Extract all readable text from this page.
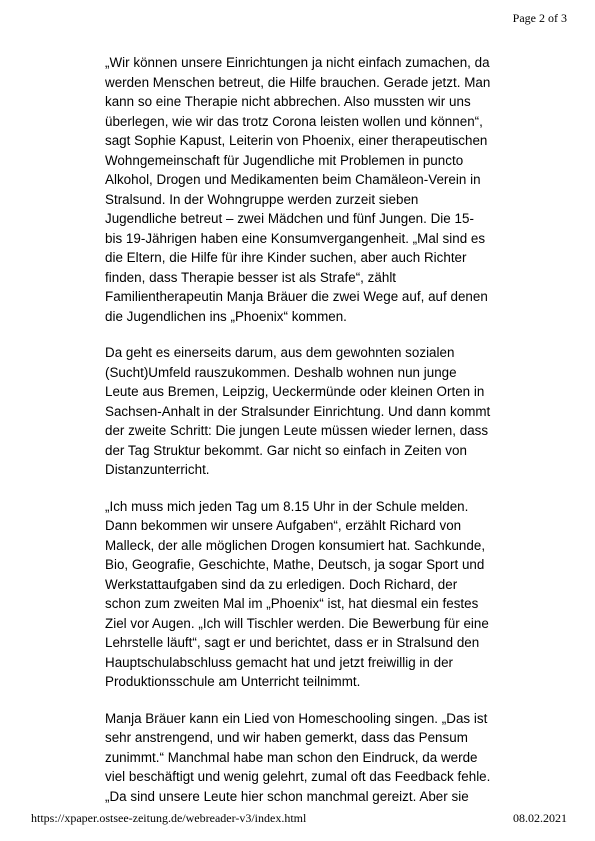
Page 2 of 3
„Wir können unsere Einrichtungen ja nicht einfach zumachen, da
werden Menschen betreut, die Hilfe brauchen. Gerade jetzt. Man
kann so eine Therapie nicht abbrechen. Also mussten wir uns
überlegen, wie wir das trotz Corona leisten wollen und können“,
sagt Sophie Kapust, Leiterin von Phoenix, einer therapeutischen
Wohngemeinschaft für Jugendliche mit Problemen in puncto
Alkohol, Drogen und Medikamenten beim Chamäleon-Verein in
Stralsund. In der Wohngruppe werden zurzeit sieben
Jugendliche betreut – zwei Mädchen und fünf Jungen. Die 15-
bis 19-Jährigen haben eine Konsumvergangenheit. „Mal sind es
die Eltern, die Hilfe für ihre Kinder suchen, aber auch Richter
finden, dass Therapie besser ist als Strafe“, zählt
Familientherapeutin Manja Bräuer die zwei Wege auf, auf denen
die Jugendlichen ins „Phoenix“ kommen.
Da geht es einerseits darum, aus dem gewohnten sozialen
(Sucht)Umfeld rauszukommen. Deshalb wohnen nun junge
Leute aus Bremen, Leipzig, Ueckermünde oder kleinen Orten in
Sachsen-Anhalt in der Stralsunder Einrichtung. Und dann kommt
der zweite Schritt: Die jungen Leute müssen wieder lernen, dass
der Tag Struktur bekommt. Gar nicht so einfach in Zeiten von
Distanzunterricht.
„Ich muss mich jeden Tag um 8.15 Uhr in der Schule melden.
Dann bekommen wir unsere Aufgaben“, erzählt Richard von
Malleck, der alle möglichen Drogen konsumiert hat. Sachkunde,
Bio, Geografie, Geschichte, Mathe, Deutsch, ja sogar Sport und
Werkstattaufgaben sind da zu erledigen. Doch Richard, der
schon zum zweiten Mal im „Phoenix“ ist, hat diesmal ein festes
Ziel vor Augen. „Ich will Tischler werden. Die Bewerbung für eine
Lehrstelle läuft“, sagt er und berichtet, dass er in Stralsund den
Hauptschulabschluss gemacht hat und jetzt freiwillig in der
Produktionsschule am Unterricht teilnimmt.
Manja Bräuer kann ein Lied von Homeschooling singen. „Das ist
sehr anstrengend, und wir haben gemerkt, dass das Pensum
zunimmt.“ Manchmal habe man schon den Eindruck, da werde
viel beschäftigt und wenig gelehrt, zumal oft das Feedback fehle.
„Da sind unsere Leute hier schon manchmal gereizt. Aber sie
https://xpaper.ostsee-zeitung.de/webreader-v3/index.html	08.02.2021
